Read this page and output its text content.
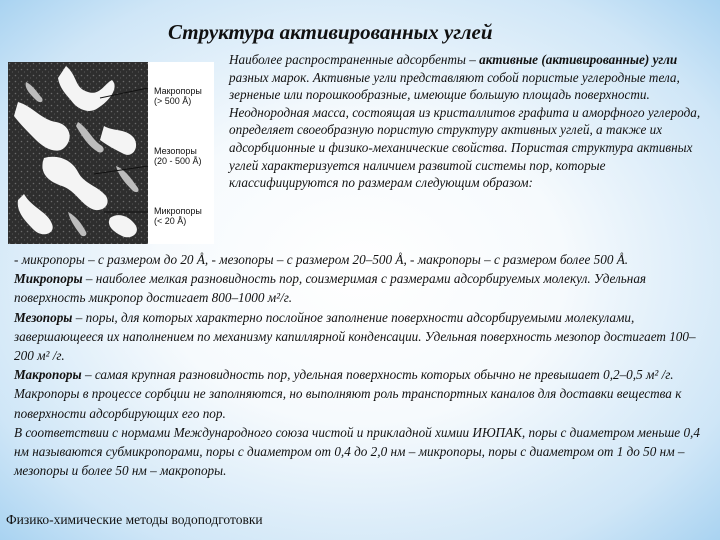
Структура активированных углей
Макропоры
(> 500 Å)
Мезопоры
(20 - 500 Å)
Микропоры
(< 20 Å)

Наиболее распространенные адсорбенты – активные (активированные) угли разных марок. Активные угли представляют собой пористые углеродные тела, зерненые или порошкообразные, имеющие большую площадь поверхности. Неоднородная масса, состоящая из кристаллитов графита и аморфного углерода, определяет своеобразную пористую структуру активных углей, а также их адсорбционные и физико-механические свойства. Пористая структура активных углей характеризуется наличием развитой системы пор, которые классифицируются по размерам следующим образом:

- микропоры – с размером до 20 Å, - мезопоры – с размером 20–500 Å, - макропоры – с размером более 500 Å.

Микропоры – наиболее мелкая разновидность пор, соизмеримая с размерами адсорбируемых молекул. Удельная поверхность микропор достигает 800–1000 м²/г.

Мезопоры – поры, для которых характерно послойное заполнение поверхности адсорбируемыми молекулами, завершающееся их наполнением по механизму капиллярной конденсации. Удельная поверхность мезопор достигает 100–200 м² /г.

Макропоры – самая крупная разновидность пор, удельная поверхность которых обычно не превышает 0,2–0,5 м² /г. Макропоры в процессе сорбции не заполняются, но выполняют роль транспортных каналов для доставки вещества к поверхности адсорбирующих его пор.

В соответствии с нормами Международного союза чистой и прикладной химии ИЮПАК, поры с диаметром меньше 0,4 нм называются субмикропорами, поры с диаметром от 0,4 до 2,0 нм – микропоры, поры с диаметром от 1 до 50 нм – мезопоры и более 50 нм – макропоры.

Физико-химические методы водоподготовки
